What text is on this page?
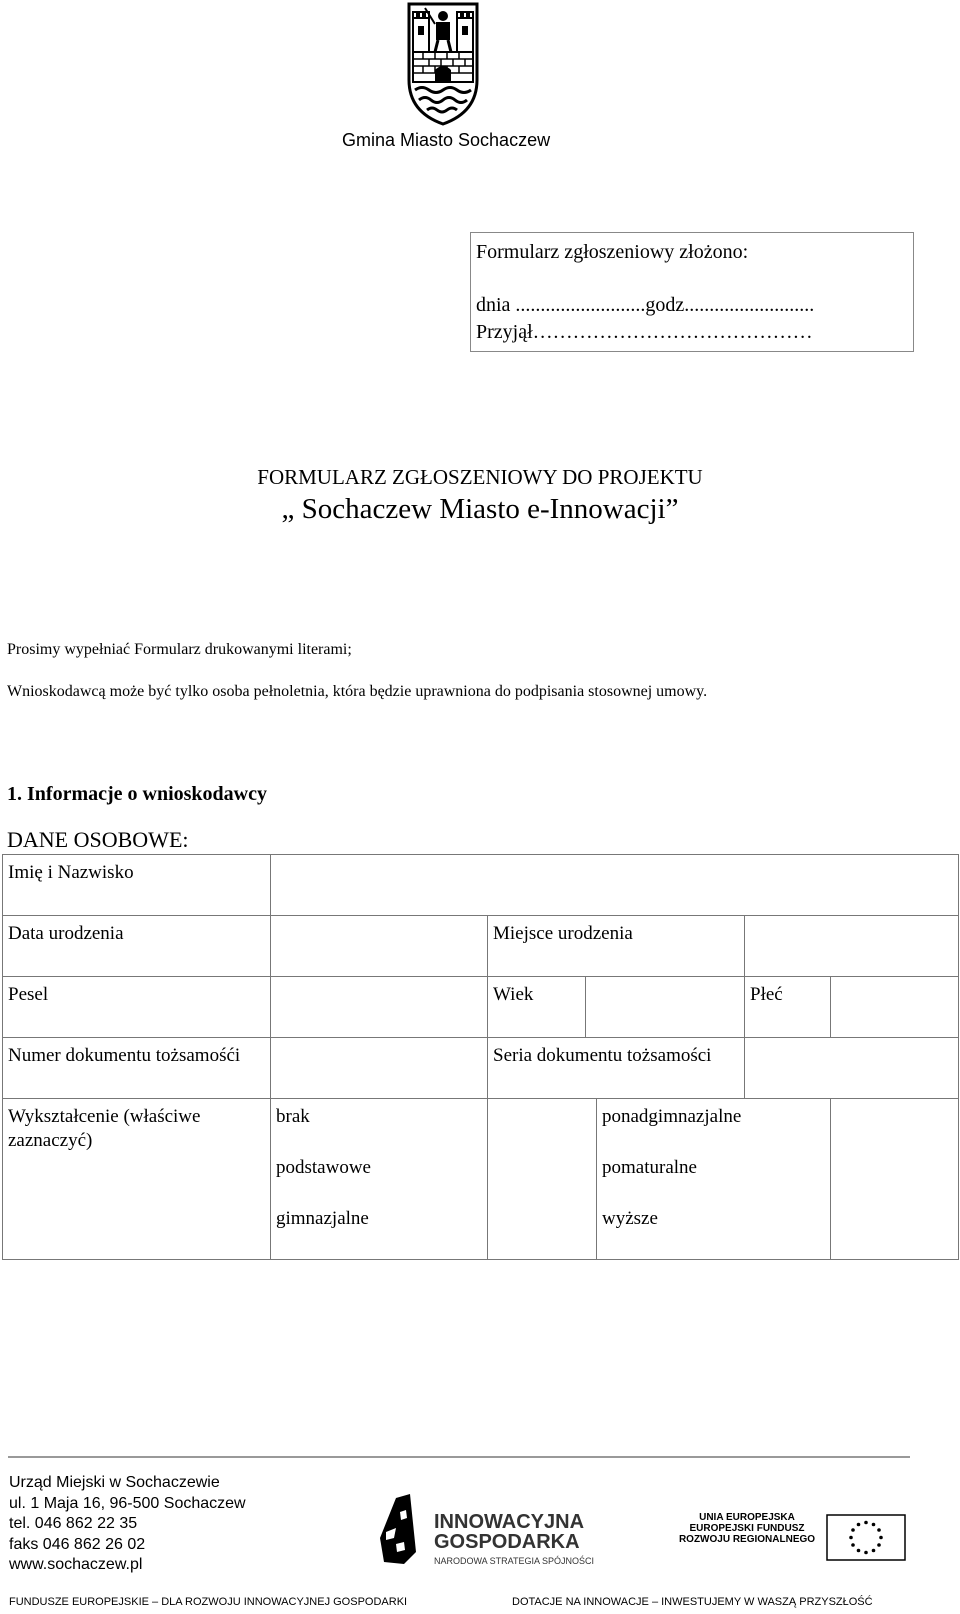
Gmina Miasto Sochaczew
Formularz zgłoszeniowy złożono:
dnia ..........................godz..........................
Przyjął……………………………………
FORMULARZ ZGŁOSZENIOWY DO PROJEKTU
„ Sochaczew Miasto e-Innowacji”
Prosimy wypełniać Formularz drukowanymi literami;
Wnioskodawcą może być tylko osoba pełnoletnia, która będzie uprawniona do podpisania stosownej umowy.
1. Informacje o wnioskodawcy
DANE OSOBOWE:
Imię i Nazwisko						
Data urodzenia		Miejsce urodzenia				
Pesel		Wiek			Płeć	
Numer dokumentu tożsamośći		Seria dokumentu tożsamości				
Wykształcenie (właściwe zaznaczyć)	brak			ponadgimnazjalne		
	podstawowe			pomaturalne		
	gimnazjalne			wyższe		
Urząd Miejski w Sochaczewie
ul. 1 Maja 16, 96-500 Sochaczew
tel. 046 862 22 35
faks 046 862 26 02
www.sochaczew.pl
INNOWACYJNA
GOSPODARKA
NARODOWA STRATEGIA SPÓJNOŚCI
UNIA EUROPEJSKA
EUROPEJSKI FUNDUSZ
ROZWOJU REGIONALNEGO
FUNDUSZE EUROPEJSKIE – DLA ROZWOJU INNOWACYJNEJ GOSPODARKI	DOTACJE NA INNOWACJE – INWESTUJEMY W WASZĄ PRZYSZŁOŚĆ
